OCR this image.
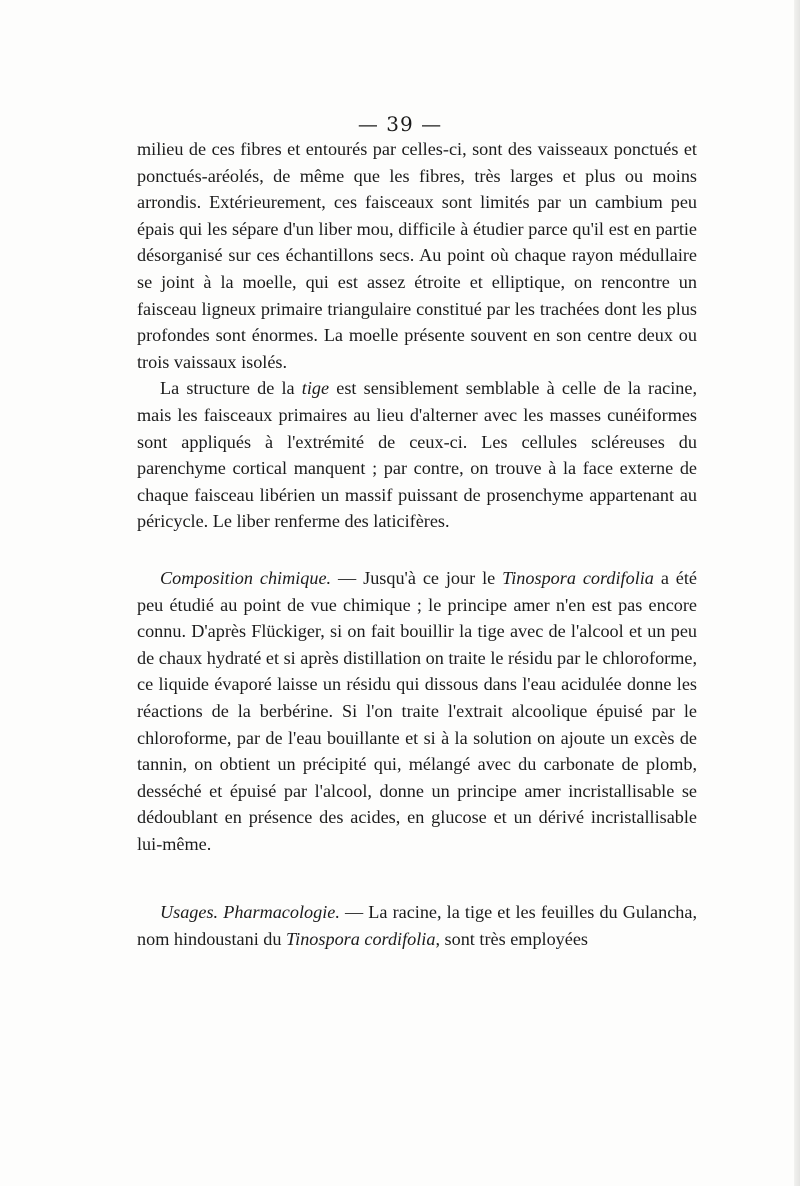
— 39 —

milieu de ces fibres et entourés par celles-ci, sont des vaisseaux ponctués et ponctués-aréolés, de même que les fibres, très larges et plus ou moins arrondis. Extérieurement, ces faisceaux sont limités par un cambium peu épais qui les sépare d'un liber mou, difficile à étudier parce qu'il est en partie désorganisé sur ces échantillons secs. Au point où chaque rayon médullaire se joint à la moelle, qui est assez étroite et elliptique, on rencontre un faisceau ligneux primaire triangulaire constitué par les trachées dont les plus profondes sont énormes. La moelle présente souvent en son centre deux ou trois vaissaux isolés.

La structure de la tige est sensiblement semblable à celle de la racine, mais les faisceaux primaires au lieu d'alterner avec les masses cunéiformes sont appliqués à l'extrémité de ceux-ci. Les cellules scléreuses du parenchyme cortical manquent ; par contre, on trouve à la face externe de chaque faisceau libérien un massif puissant de prosenchyme appartenant au péricycle. Le liber renferme des laticifères.

Composition chimique. — Jusqu'à ce jour le Tinospora cordifolia a été peu étudié au point de vue chimique ; le principe amer n'en est pas encore connu. D'après Flückiger, si on fait bouillir la tige avec de l'alcool et un peu de chaux hydraté et si après distillation on traite le résidu par le chloroforme, ce liquide évaporé laisse un résidu qui dissous dans l'eau acidulée donne les réactions de la berbérine. Si l'on traite l'extrait alcoolique épuisé par le chloroforme, par de l'eau bouillante et si à la solution on ajoute un excès de tannin, on obtient un précipité qui, mélangé avec du carbonate de plomb, desséché et épuisé par l'alcool, donne un principe amer incristallisable se dédoublant en présence des acides, en glucose et un dérivé incristallisable lui-même.

Usages. Pharmacologie. — La racine, la tige et les feuilles du Gulancha, nom hindoustani du Tinospora cordifolia, sont très employées
